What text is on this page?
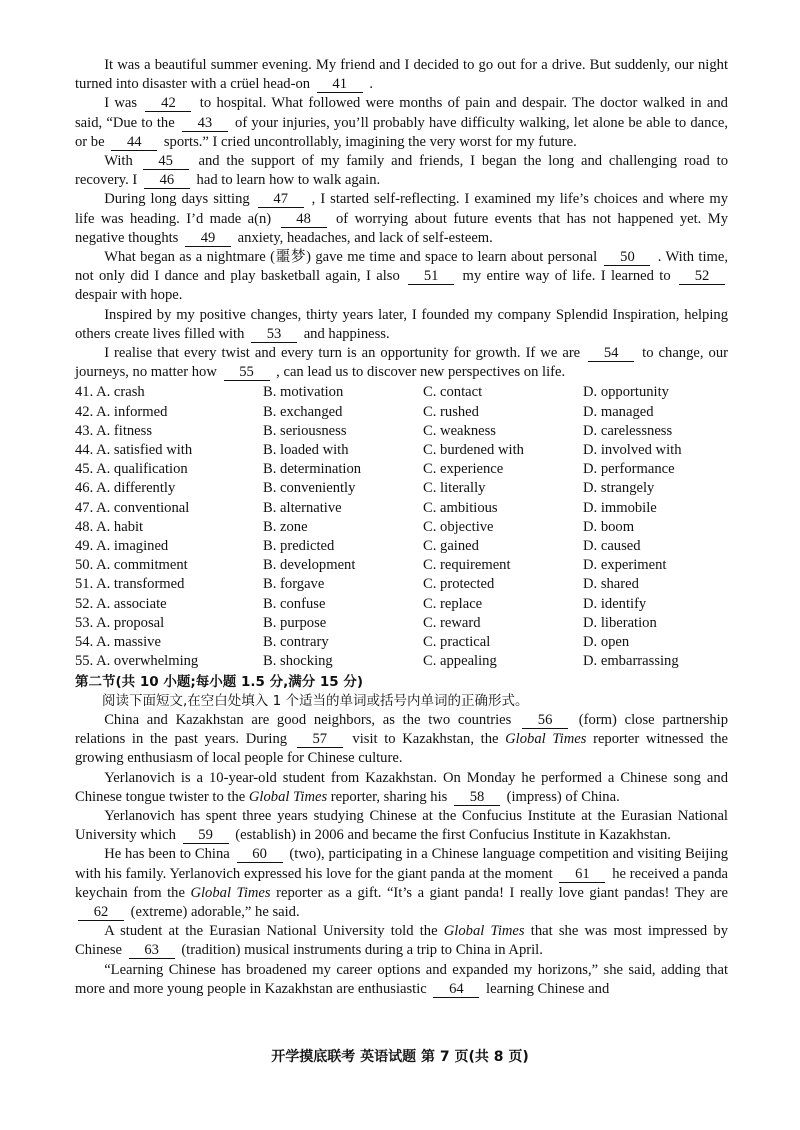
It was a beautiful summer evening. My friend and I decided to go out for a drive. But suddenly, our night turned into disaster with a crüel head-on 41 .

I was 42 to hospital. What followed were months of pain and despair. The doctor walked in and said, “Due to the 43 of your injuries, you’ll probably have difficulty walking, let alone be able to dance, or be 44 sports.” I cried uncontrollably, imagining the very worst for my future.

With 45 and the support of my family and friends, I began the long and challenging road to recovery. I 46 had to learn how to walk again.

During long days sitting 47 , I started self-reflecting. I examined my life’s choices and where my life was heading. I’d made a(n) 48 of worrying about future events that has not happened yet. My negative thoughts 49 anxiety, headaches, and lack of self-esteem.

What began as a nightmare (噩梦) gave me time and space to learn about personal 50 . With time, not only did I dance and play basketball again, I also 51 my entire way of life. I learned to 52 despair with hope.

Inspired by my positive changes, thirty years later, I founded my company Splendid Inspiration, helping others create lives filled with 53 and happiness.

I realise that every twist and every turn is an opportunity for growth. If we are 54 to change, our journeys, no matter how 55 , can lead us to discover new perspectives on life.

41. A. crash	B. motivation	C. contact	D. opportunity
42. A. informed	B. exchanged	C. rushed	D. managed
43. A. fitness	B. seriousness	C. weakness	D. carelessness
44. A. satisfied with	B. loaded with	C. burdened with	D. involved with
45. A. qualification	B. determination	C. experience	D. performance
46. A. differently	B. conveniently	C. literally	D. strangely
47. A. conventional	B. alternative	C. ambitious	D. immobile
48. A. habit	B. zone	C. objective	D. boom
49. A. imagined	B. predicted	C. gained	D. caused
50. A. commitment	B. development	C. requirement	D. experiment
51. A. transformed	B. forgave	C. protected	D. shared
52. A. associate	B. confuse	C. replace	D. identify
53. A. proposal	B. purpose	C. reward	D. liberation
54. A. massive	B. contrary	C. practical	D. open
55. A. overwhelming	B. shocking	C. appealing	D. embarrassing
第二节(共 10 小题;每小题 1.5 分,满分 15 分)
阅读下面短文,在空白处填入 1 个适当的单词或括号内单词的正确形式。

China and Kazakhstan are good neighbors, as the two countries 56 (form) close partnership relations in the past years. During 57 visit to Kazakhstan, the Global Times reporter witnessed the growing enthusiasm of local people for Chinese culture.

Yerlanovich is a 10-year-old student from Kazakhstan. On Monday he performed a Chinese song and Chinese tongue twister to the Global Times reporter, sharing his 58 (impress) of China.

Yerlanovich has spent three years studying Chinese at the Confucius Institute at the Eurasian National University which 59 (establish) in 2006 and became the first Confucius Institute in Kazakhstan.

He has been to China 60 (two), participating in a Chinese language competition and visiting Beijing with his family. Yerlanovich expressed his love for the giant panda at the moment 61 he received a panda keychain from the Global Times reporter as a gift. “It’s a giant panda! I really love giant pandas! They are 62 (extreme) adorable,” he said.

A student at the Eurasian National University told the Global Times that she was most impressed by Chinese 63 (tradition) musical instruments during a trip to China in April.

“Learning Chinese has broadened my career options and expanded my horizons,” she said, adding that more and more young people in Kazakhstan are enthusiastic 64 learning Chinese and

开学摸底联考 英语试题 第 7 页(共 8 页)
